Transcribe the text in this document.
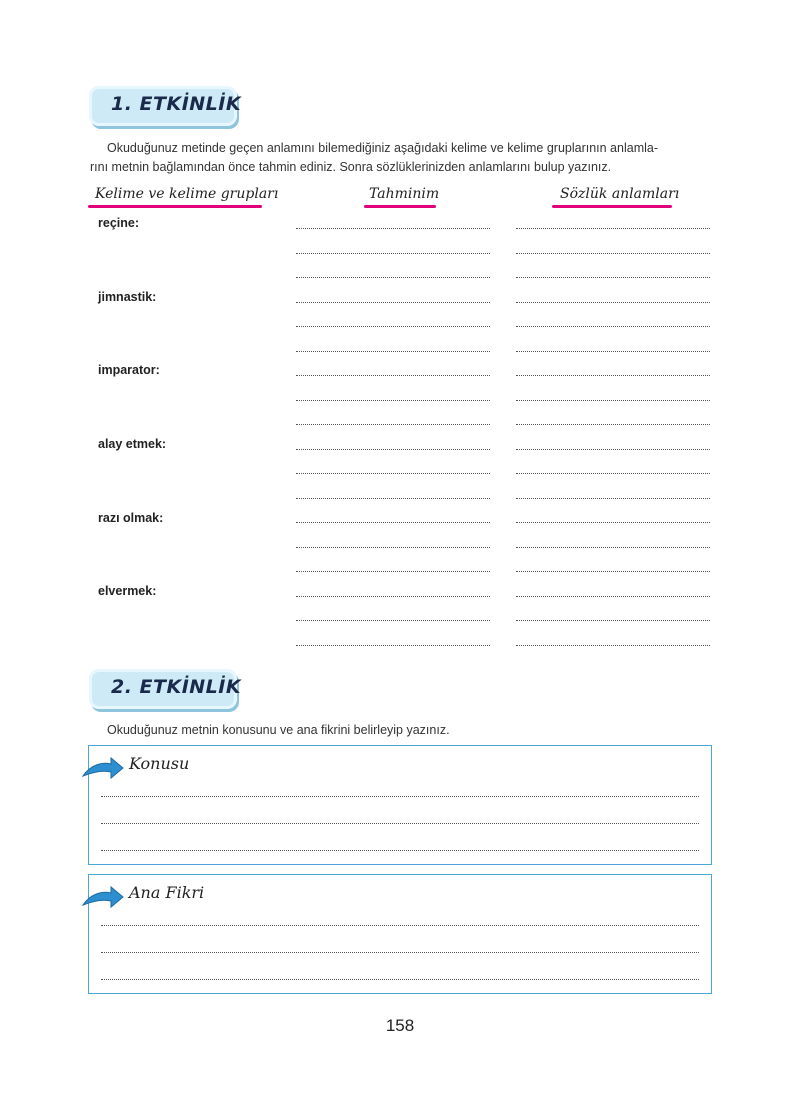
1. ETKİNLİK
Okuduğunuz metinde geçen anlamını bilemediğiniz aşağıdaki kelime ve kelime gruplarının anlamla-
rını metnin bağlamından önce tahmin ediniz. Sonra sözlüklerinizden anlamlarını bulup yazınız.
Kelime ve kelime grupları	Tahminim	Sözlük anlamları
reçine:
jimnastik:
imparator:
alay etmek:
razı olmak:
elvermek:
2. ETKİNLİK
Okuduğunuz metnin konusunu ve ana fikrini belirleyip yazınız.
Konusu
Ana Fikri
158
